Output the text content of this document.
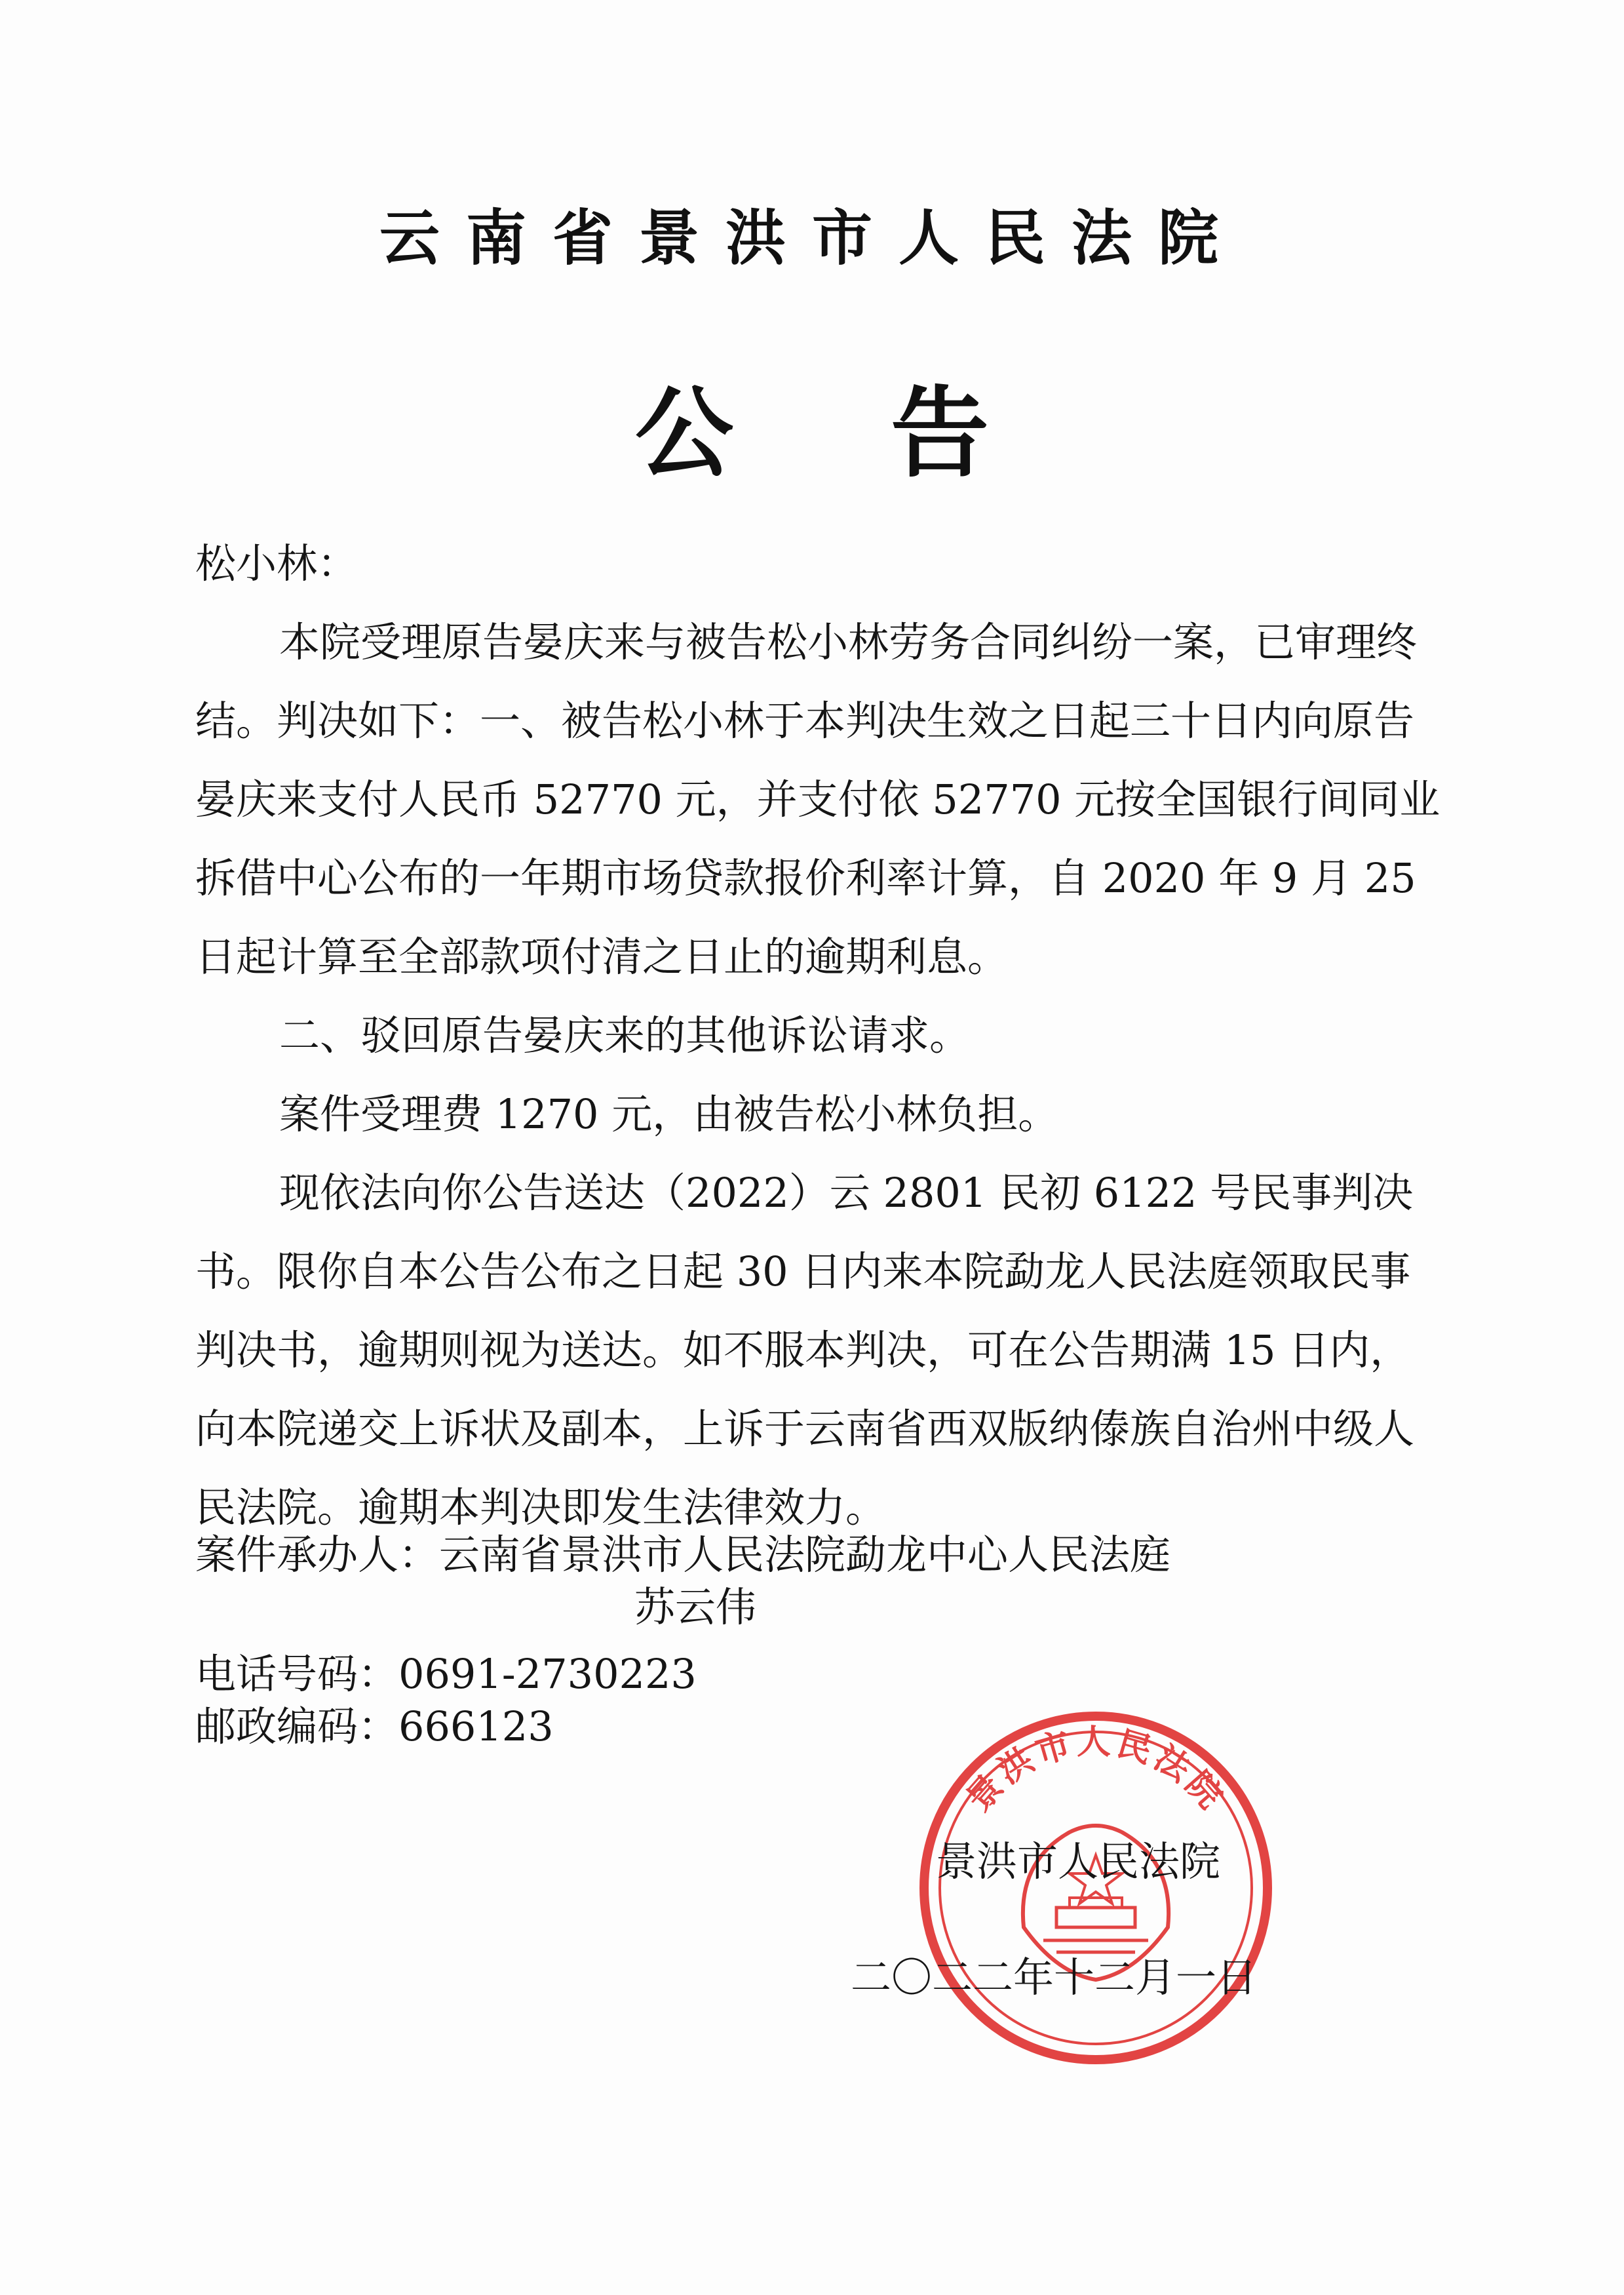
云南省景洪市人民法院
公告

松小林：

本院受理原告晏庆来与被告松小林劳务合同纠纷一案，已审理终结。判决如下：一、被告松小林于本判决生效之日起三十日内向原告晏庆来支付人民币 52770 元，并支付依 52770 元按全国银行间同业拆借中心公布的一年期市场贷款报价利率计算，自 2020 年 9 月 25 日起计算至全部款项付清之日止的逾期利息。

二、驳回原告晏庆来的其他诉讼请求。

案件受理费 1270 元，由被告松小林负担。

现依法向你公告送达（2022）云 2801 民初 6122 号民事判决书。限你自本公告公布之日起 30 日内来本院勐龙人民法庭领取民事判决书，逾期则视为送达。如不服本判决，可在公告期满 15 日内，向本院递交上诉状及副本，上诉于云南省西双版纳傣族自治州中级人民法院。逾期本判决即发生法律效力。

案件承办人：云南省景洪市人民法院勐龙中心人民法庭
苏云伟
电话号码：0691-2730223
邮政编码：666123
景洪市人民法院
景洪市人民法院
二〇二二年十二月一日
